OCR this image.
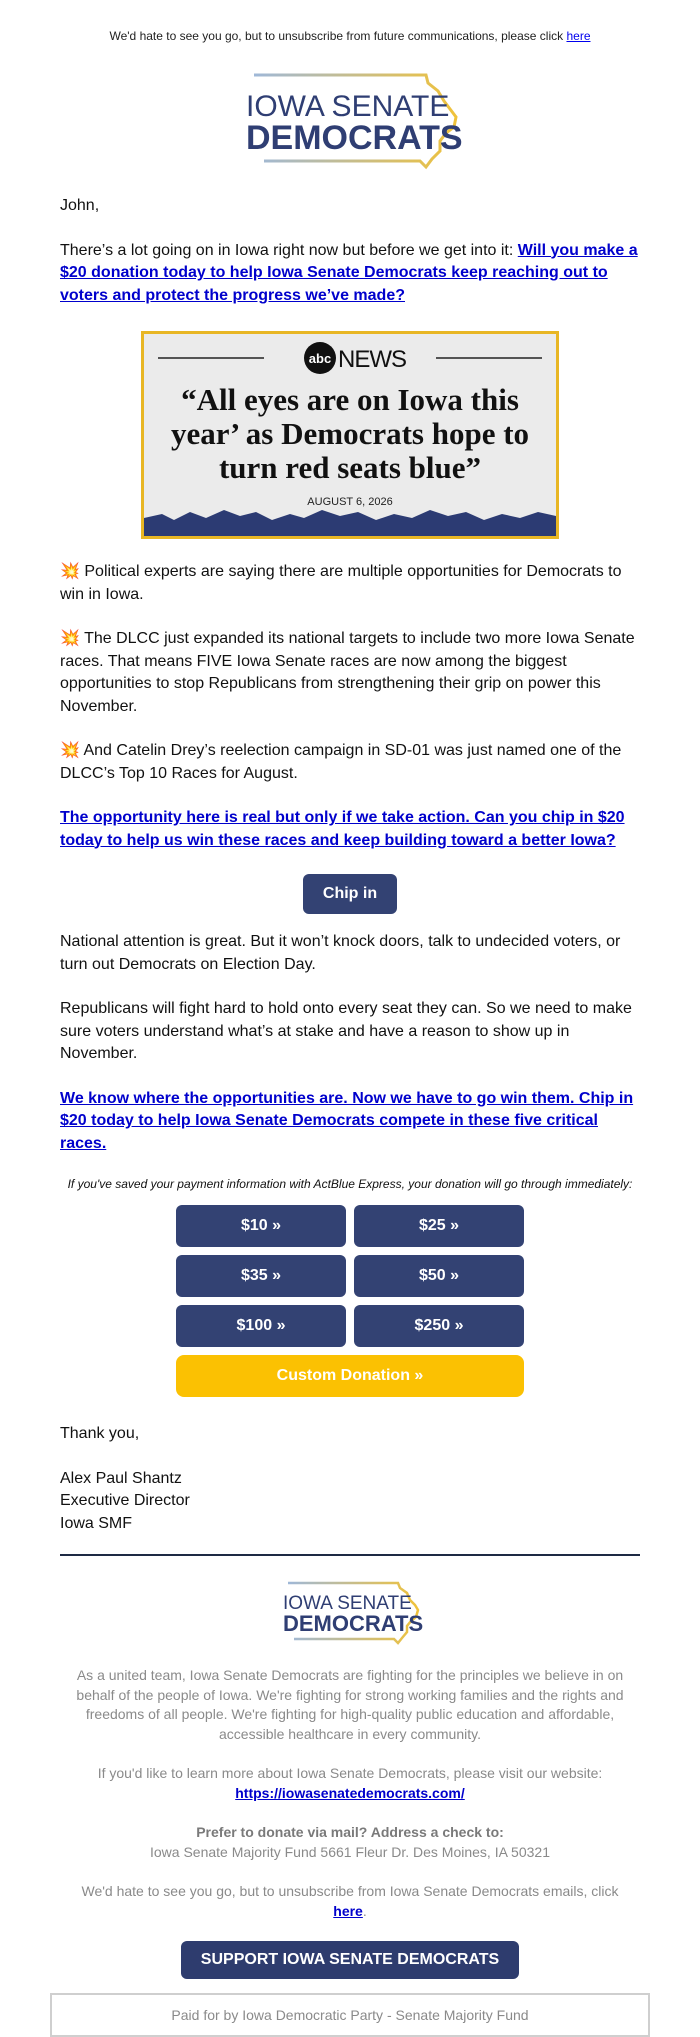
We'd hate to see you go, but to unsubscribe from future communications, please click here
IOWA SENATE
DEMOCRATS

John,

There’s a lot going on in Iowa right now but before we get into it: Will you make a $20 donation today to help Iowa Senate Democrats keep reaching out to voters and protect the progress we’ve made?

abc NEWS
“All eyes are on Iowa this
year’ as Democrats hope to
turn red seats blue”
AUGUST 6, 2026

💥 Political experts are saying there are multiple opportunities for Democrats to win in Iowa.

💥 The DLCC just expanded its national targets to include two more Iowa Senate races. That means FIVE Iowa Senate races are now among the biggest opportunities to stop Republicans from strengthening their grip on power this November.

💥 And Catelin Drey’s reelection campaign in SD-01 was just named one of the DLCC’s Top 10 Races for August.

The opportunity here is real but only if we take action. Can you chip in $20 today to help us win these races and keep building toward a better Iowa?

Chip in

National attention is great. But it won’t knock doors, talk to undecided voters, or turn out Democrats on Election Day.

Republicans will fight hard to hold onto every seat they can. So we need to make sure voters understand what’s at stake and have a reason to show up in November.

We know where the opportunities are. Now we have to go win them. Chip in $20 today to help Iowa Senate Democrats compete in these five critical races.

If you've saved your payment information with ActBlue Express, your donation will go through immediately:

$10 »	$25 »
$35 »	$50 »
$100 »	$250 »
Custom Donation »

Thank you,

Alex Paul Shantz

Executive Director

Iowa SMF

IOWA SENATE
DEMOCRATS
As a united team, Iowa Senate Democrats are fighting for the principles we believe in on behalf of the people of Iowa. We're fighting for strong working families and the rights and freedoms of all people. We're fighting for high-quality public education and affordable, accessible healthcare in every community.
If you'd like to learn more about Iowa Senate Democrats, please visit our website:
https://iowasenatedemocrats.com/
Prefer to donate via mail? Address a check to:
Iowa Senate Majority Fund 5661 Fleur Dr. Des Moines, IA 50321
We'd hate to see you go, but to unsubscribe from Iowa Senate Democrats emails, click here.
SUPPORT IOWA SENATE DEMOCRATS
Paid for by Iowa Democratic Party - Senate Majority Fund
